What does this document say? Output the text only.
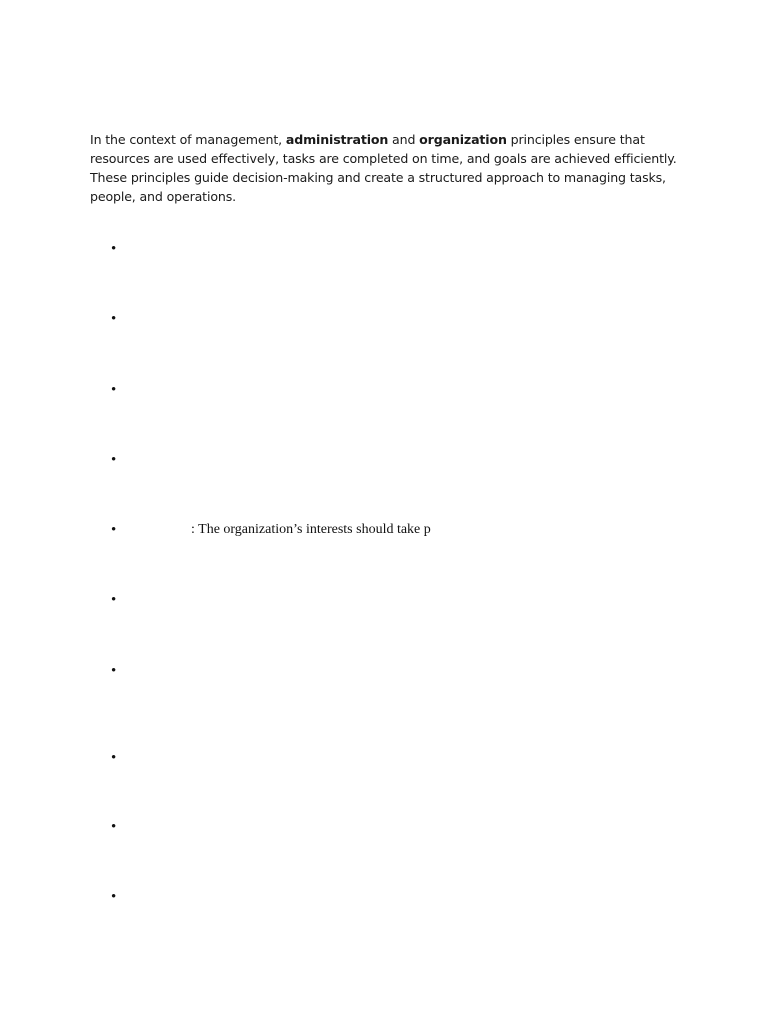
In the context of management, administration and organization principles ensure that resources are used effectively, tasks are completed on time, and goals are achieved efficiently. These principles guide decision-making and create a structured approach to managing tasks, people, and operations.

•
•
•
•
•	: The organization’s interests should take p
•
•
•
•
•
